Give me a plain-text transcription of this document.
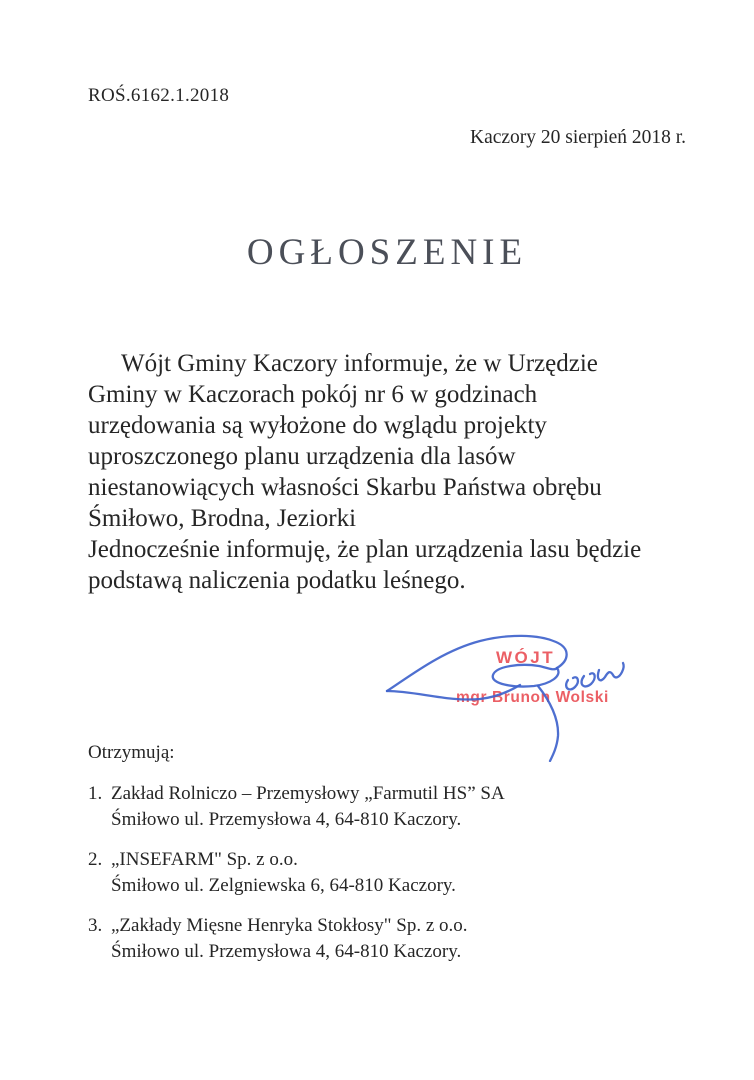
ROŚ.6162.1.2018
Kaczory 20 sierpień 2018 r.
OGŁOSZENIE
Wójt Gminy Kaczory informuje, że w Urzędzie
Gminy w Kaczorach pokój nr 6 w godzinach
urzędowania są wyłożone do wglądu projekty
uproszczonego planu urządzenia dla lasów
niestanowiących własności Skarbu Państwa obrębu
Śmiłowo, Brodna, Jeziorki
Jednocześnie informuję, że plan urządzenia lasu będzie
podstawą naliczenia podatku leśnego.
WÓJT
mgr Brunon Wolski
Otrzymują:
1. Zakład Rolniczo – Przemysłowy „Farmutil HS” SA
Śmiłowo ul. Przemysłowa 4, 64-810 Kaczory.
2. „INSEFARM" Sp. z o.o.
Śmiłowo ul. Zelgniewska 6, 64-810 Kaczory.
3. „Zakłady Mięsne Henryka Stokłosy" Sp. z o.o.
Śmiłowo ul. Przemysłowa 4, 64-810 Kaczory.
